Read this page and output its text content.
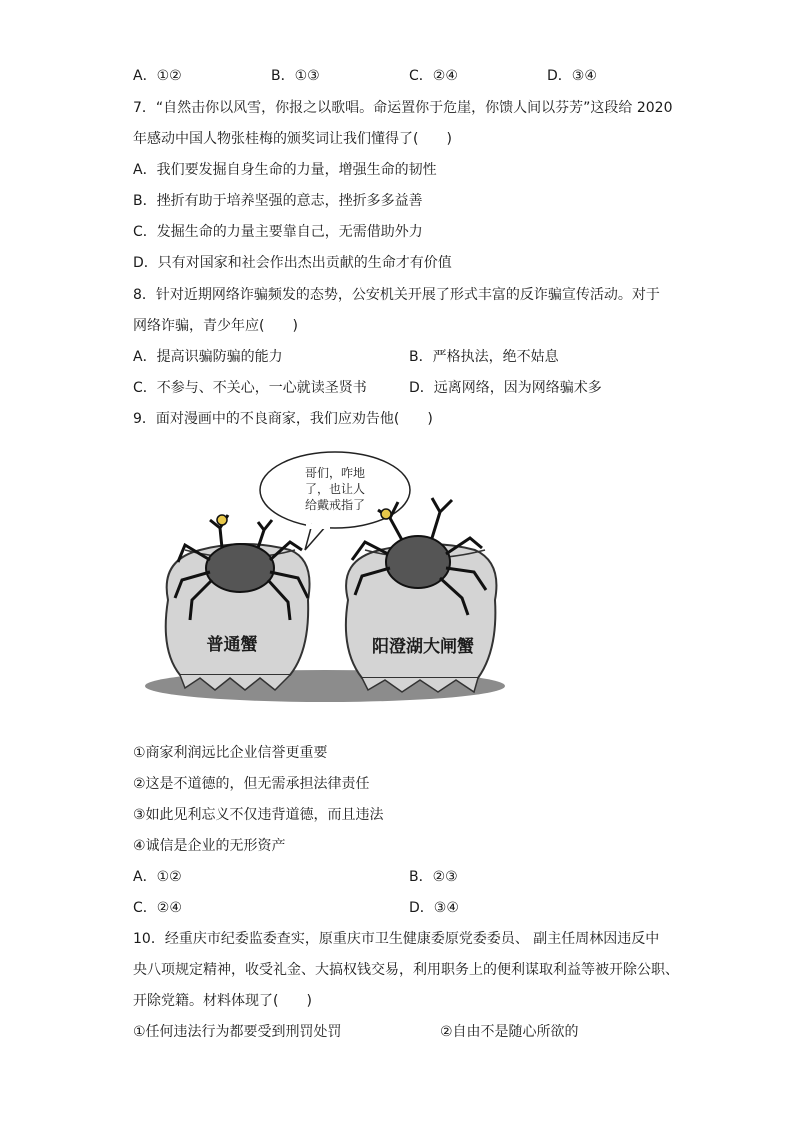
A．①②	B．①③	C．②④	D．③④
7．“自然击你以风雪，你报之以歌唱。命运置你于危崖，你馈人间以芬芳”这段给 2020
年感动中国人物张桂梅的颁奖词让我们懂得了(　　)
A．我们要发掘自身生命的力量，增强生命的韧性
B．挫折有助于培养坚强的意志，挫折多多益善
C．发掘生命的力量主要靠自己，无需借助外力
D．只有对国家和社会作出杰出贡献的生命才有价值
8．针对近期网络诈骗频发的态势，公安机关开展了形式丰富的反诈骗宣传活动。对于
网络诈骗，青少年应(　　)
A．提高识骗防骗的能力	B．严格执法，绝不姑息
C．不参与、不关心，一心就读圣贤书	D．远离网络，因为网络骗术多
9．面对漫画中的不良商家，我们应劝告他(　　)
哥们，咋地
了，也让人
给戴戒指了
普通蟹	阳澄湖大闸蟹
①商家利润远比企业信誉更重要
②这是不道德的，但无需承担法律责任
③如此见利忘义不仅违背道德，而且违法
④诚信是企业的无形资产
A．①②	B．②③
C．②④	D．③④
10．经重庆市纪委监委查实，原重庆市卫生健康委原党委委员、 副主任周林因违反中
央八项规定精神，收受礼金、大搞权钱交易，利用职务上的便利谋取利益等被开除公职、
开除党籍。材料体现了(　　)
①任何违法行为都要受到刑罚处罚	②自由不是随心所欲的
